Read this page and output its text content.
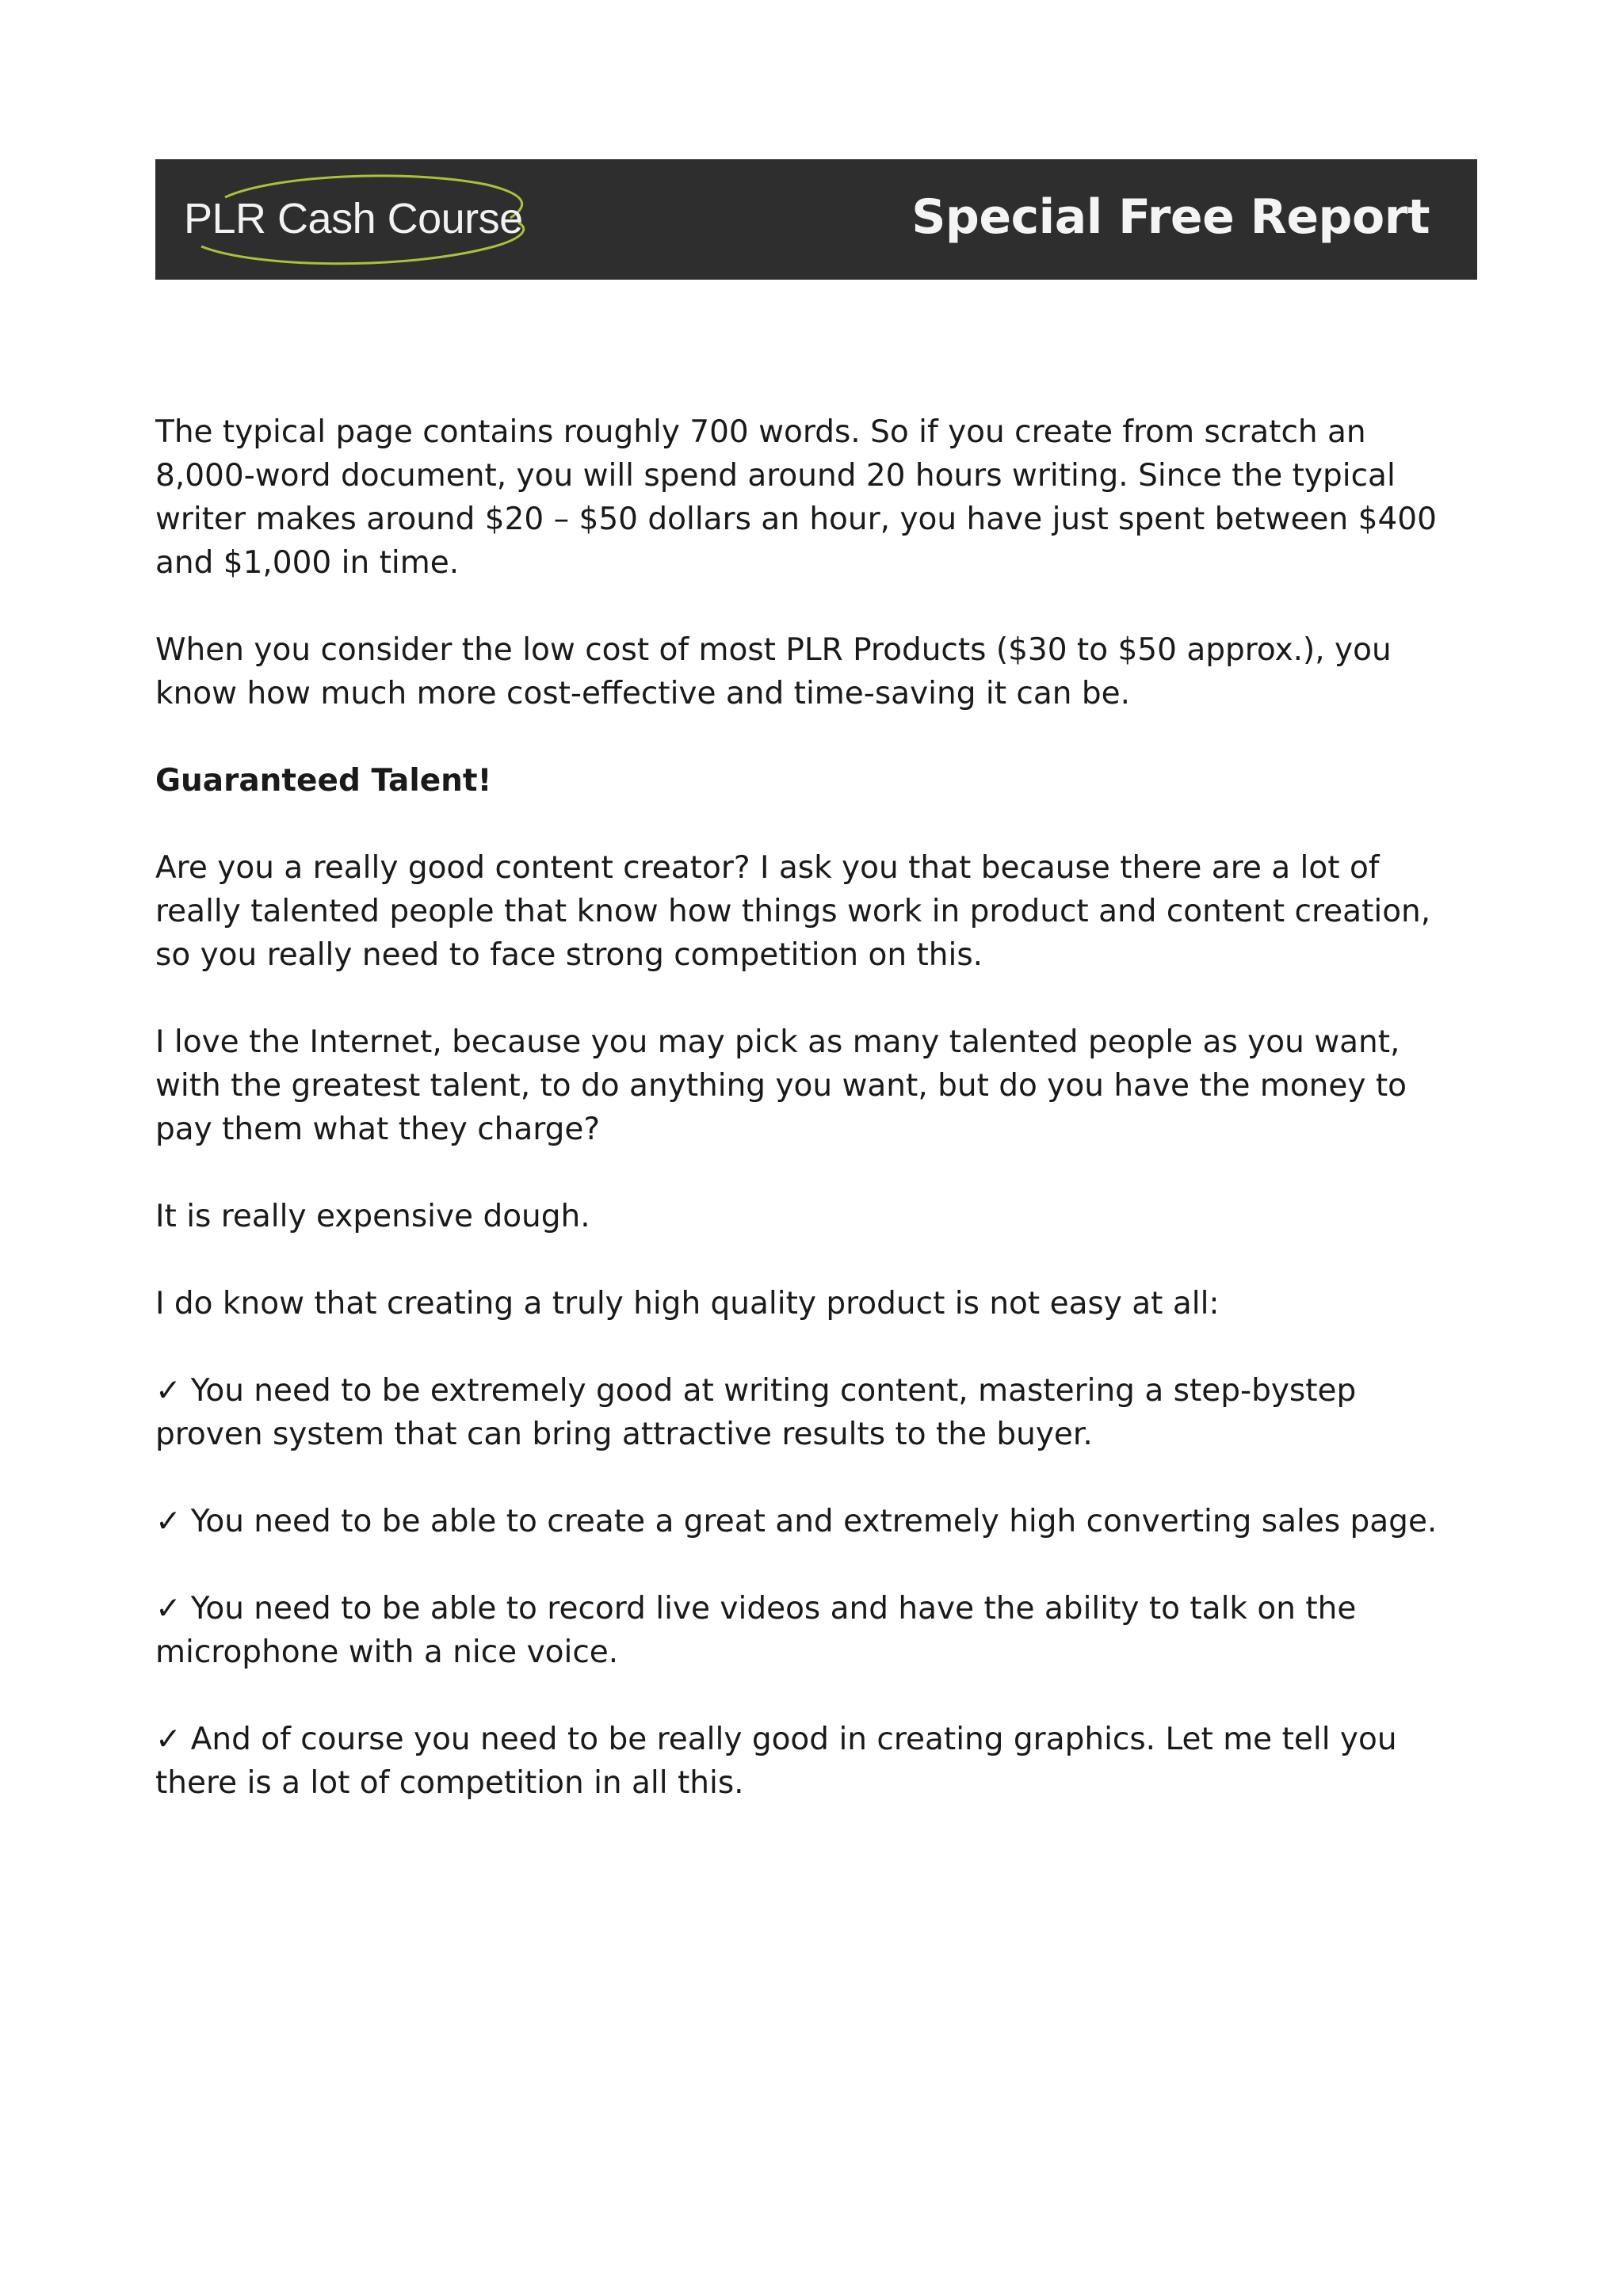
PLR Cash Course	Special Free Report

The typical page contains roughly 700 words. So if you create from scratch an 8,000-word document, you will spend around 20 hours writing. Since the typical writer makes around $20 – $50 dollars an hour, you have just spent between $400 and $1,000 in time.

When you consider the low cost of most PLR Products ($30 to $50 approx.), you know how much more cost-effective and time-saving it can be.

Guaranteed Talent!

Are you a really good content creator? I ask you that because there are a lot of really talented people that know how things work in product and content creation, so you really need to face strong competition on this.

I love the Internet, because you may pick as many talented people as you want, with the greatest talent, to do anything you want, but do you have the money to pay them what they charge?

It is really expensive dough.

I do know that creating a truly high quality product is not easy at all:

✓ You need to be extremely good at writing content, mastering a step-bystep proven system that can bring attractive results to the buyer.

✓ You need to be able to create a great and extremely high converting sales page.

✓ You need to be able to record live videos and have the ability to talk on the microphone with a nice voice.

✓ And of course you need to be really good in creating graphics. Let me tell you there is a lot of competition in all this.
